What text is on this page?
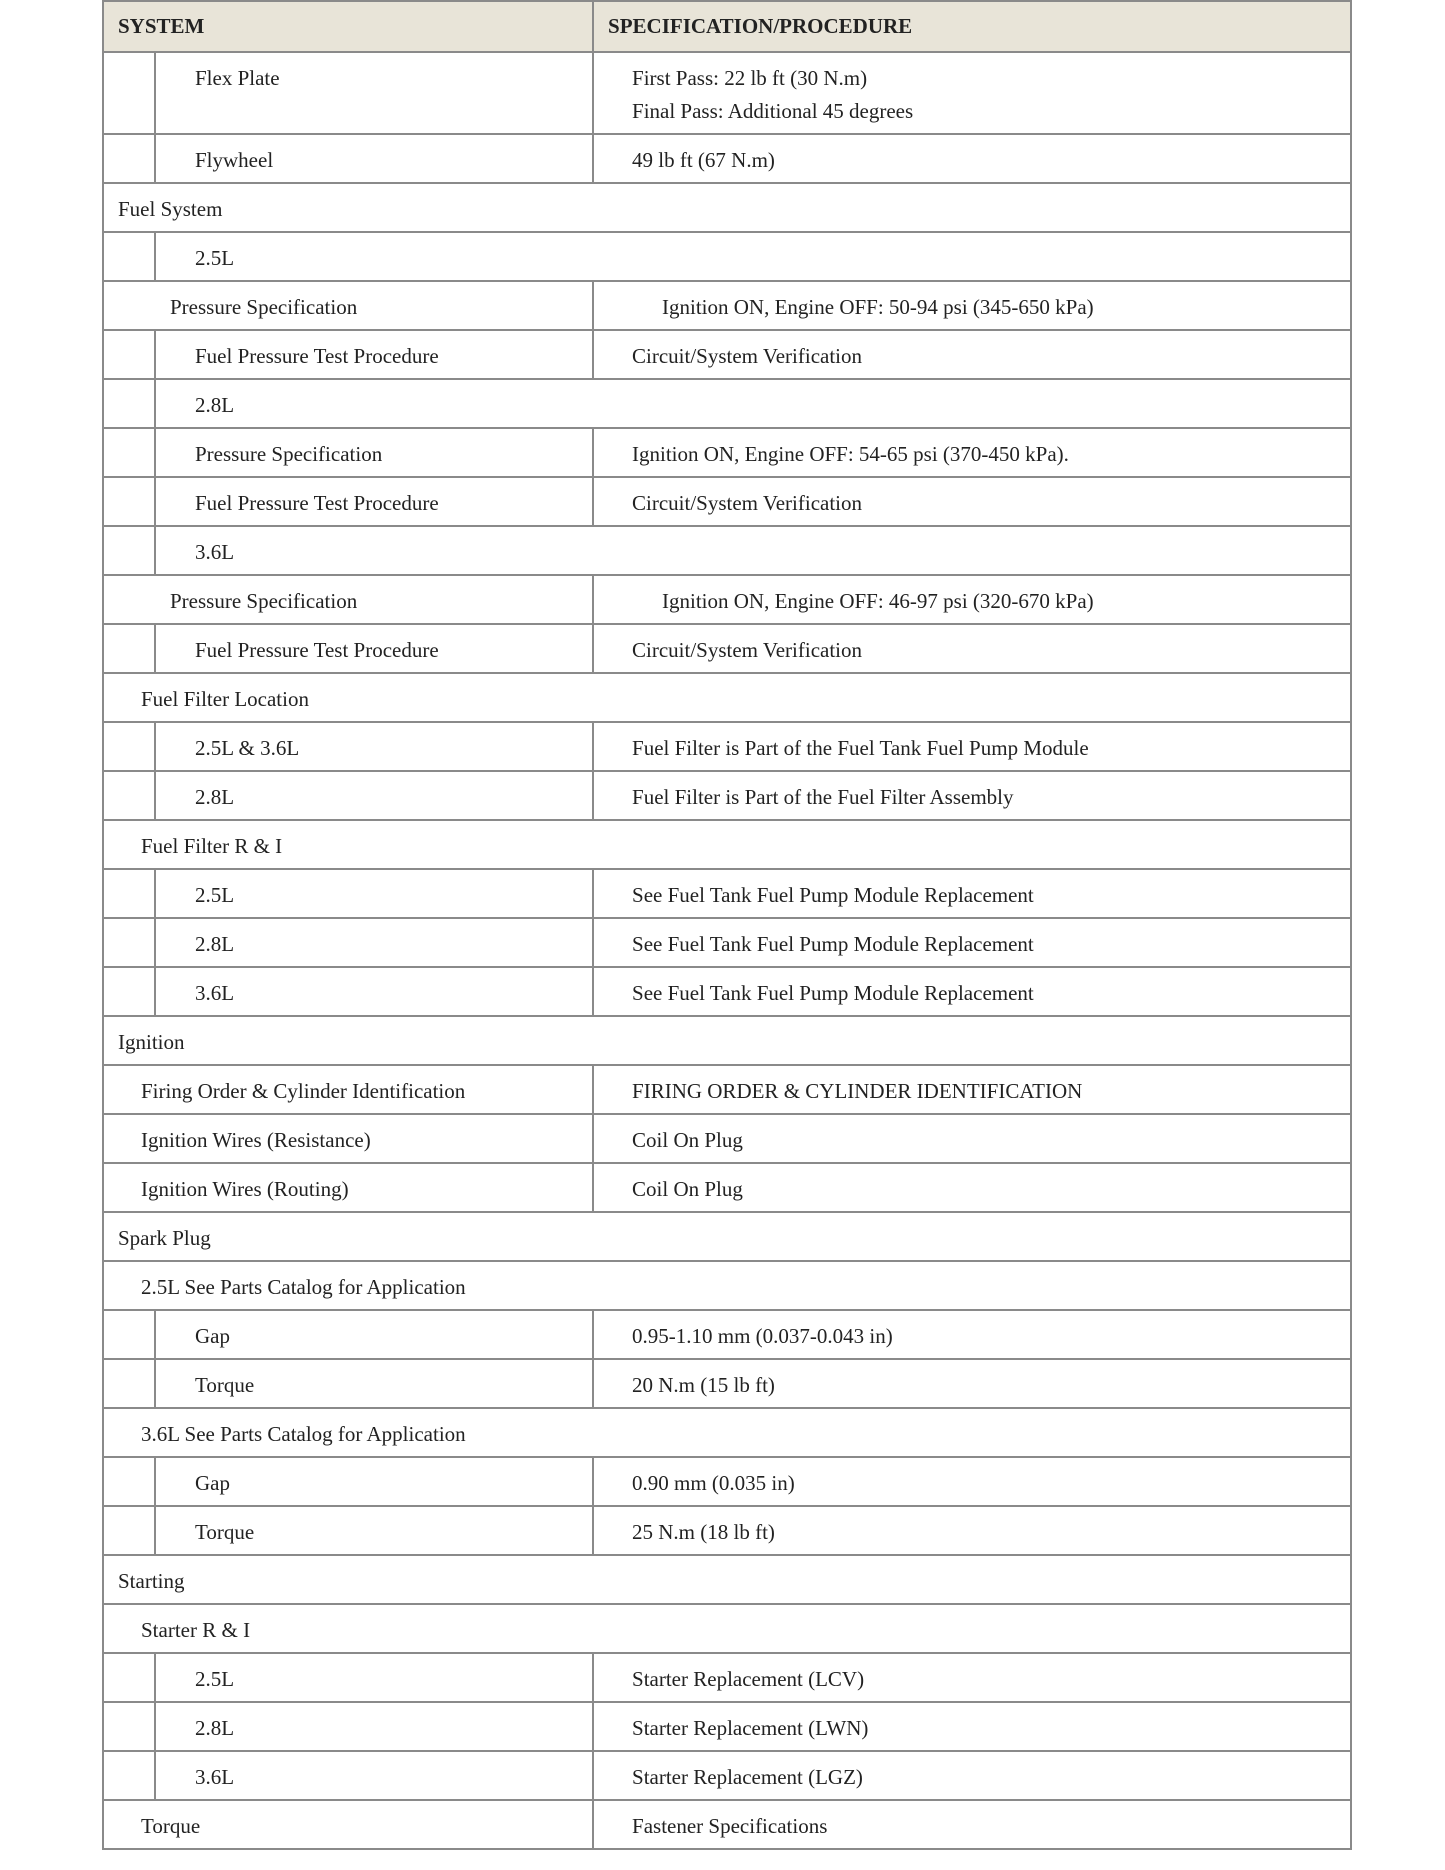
SYSTEM		SPECIFICATION/PROCEDURE

	Flex Plate	First Pass: 22 lb ft (30 N.m)
Final Pass: Additional 45 degrees

	Flywheel	49 lb ft (67 N.m)

Fuel System		

	2.5L	

Pressure Specification		Ignition ON, Engine OFF: 50-94 psi (345-650 kPa)

	Fuel Pressure Test Procedure	Circuit/System Verification

	2.8L	

	Pressure Specification	Ignition ON, Engine OFF: 54-65 psi (370-450 kPa).

	Fuel Pressure Test Procedure	Circuit/System Verification

	3.6L	

Pressure Specification		Ignition ON, Engine OFF: 46-97 psi (320-670 kPa)

	Fuel Pressure Test Procedure	Circuit/System Verification

Fuel Filter Location		

	2.5L & 3.6L	Fuel Filter is Part of the Fuel Tank Fuel Pump Module

	2.8L	Fuel Filter is Part of the Fuel Filter Assembly

Fuel Filter R & I		

	2.5L	See Fuel Tank Fuel Pump Module Replacement

	2.8L	See Fuel Tank Fuel Pump Module Replacement

	3.6L	See Fuel Tank Fuel Pump Module Replacement

Ignition		

Firing Order & Cylinder Identification		FIRING ORDER & CYLINDER IDENTIFICATION

Ignition Wires (Resistance)		Coil On Plug

Ignition Wires (Routing)		Coil On Plug

Spark Plug		

2.5L See Parts Catalog for Application		

	Gap	0.95-1.10 mm (0.037-0.043 in)

	Torque	20 N.m (15 lb ft)

3.6L See Parts Catalog for Application		

	Gap	0.90 mm (0.035 in)

	Torque	25 N.m (18 lb ft)

Starting		

Starter R & I		

	2.5L	Starter Replacement (LCV)

	2.8L	Starter Replacement (LWN)

	3.6L	Starter Replacement (LGZ)

Torque		Fastener Specifications
